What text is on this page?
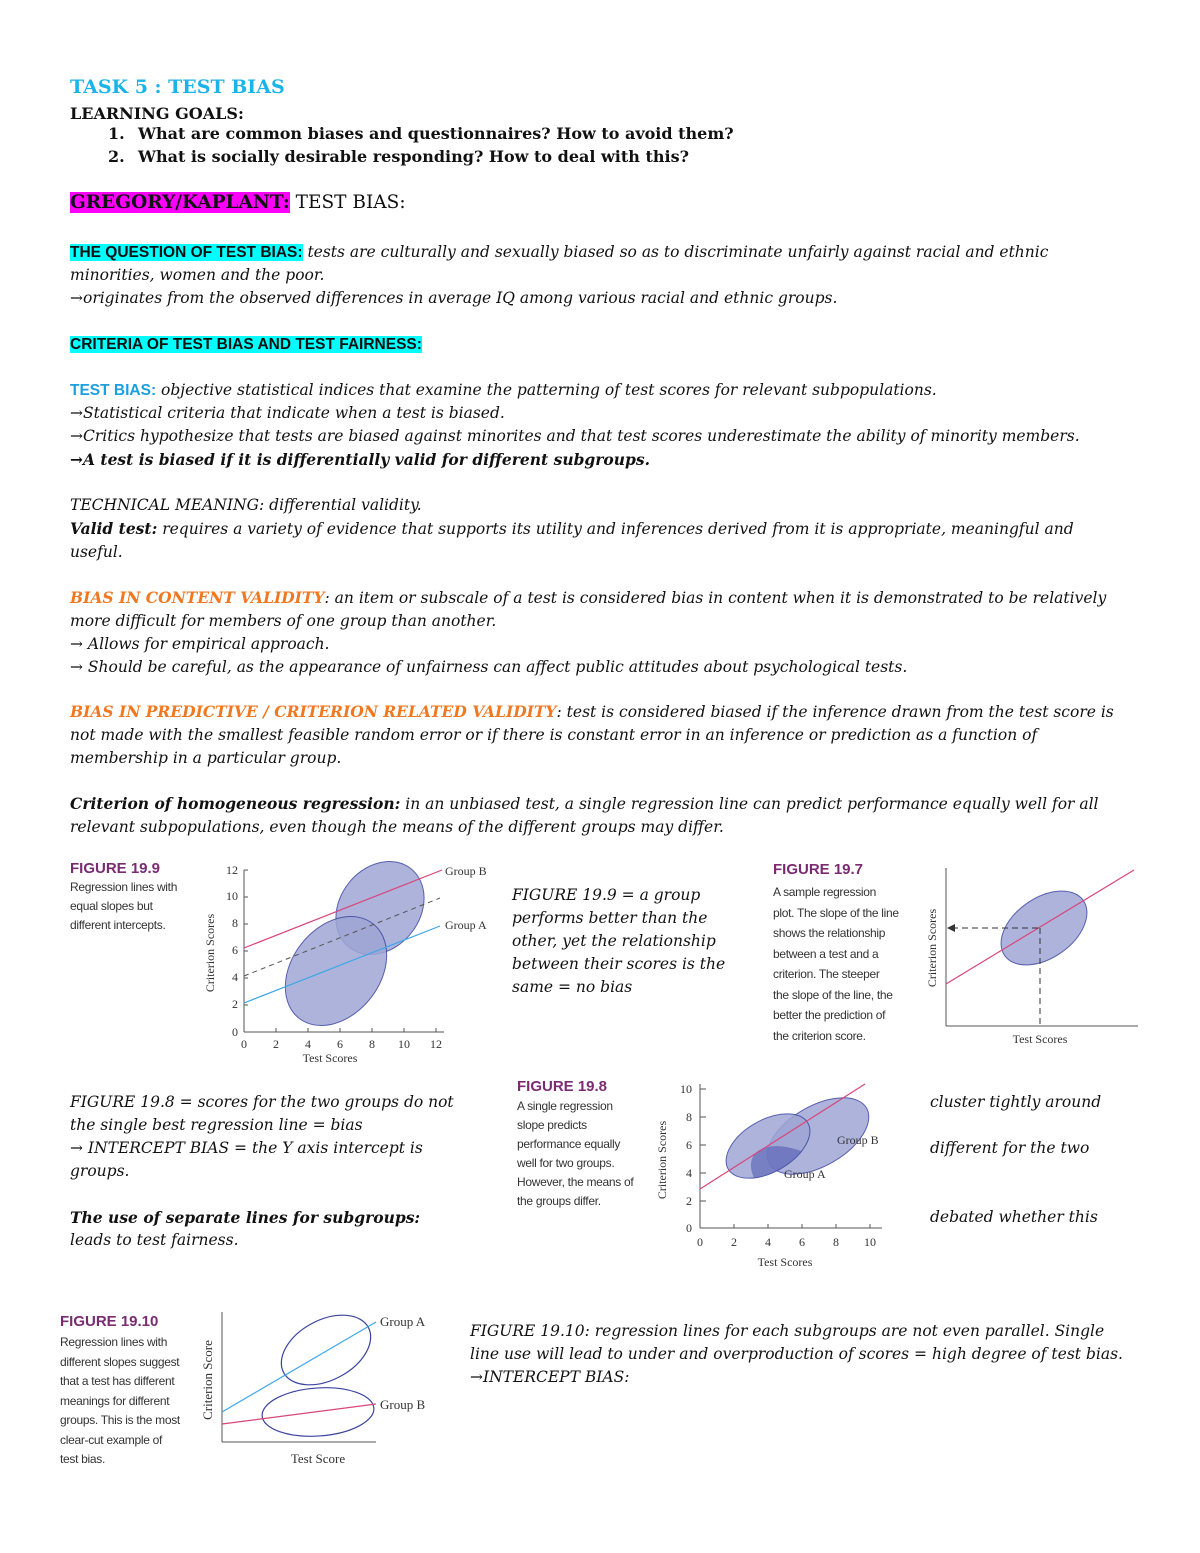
TASK 5 : TEST BIAS
LEARNING GOALS:
1. What are common biases and questionnaires? How to avoid them?
2. What is socially desirable responding? How to deal with this?
GREGORY/KAPLANT: TEST BIAS:
THE QUESTION OF TEST BIAS: tests are culturally and sexually biased so as to discriminate unfairly against racial and ethnic minorities, women and the poor.
→originates from the observed differences in average IQ among various racial and ethnic groups.
CRITERIA OF TEST BIAS AND TEST FAIRNESS:
TEST BIAS: objective statistical indices that examine the patterning of test scores for relevant subpopulations.
→Statistical criteria that indicate when a test is biased.
→Critics hypothesize that tests are biased against minorites and that test scores underestimate the ability of minority members.
→A test is biased if it is differentially valid for different subgroups.
TECHNICAL MEANING: differential validity.
Valid test: requires a variety of evidence that supports its utility and inferences derived from it is appropriate, meaningful and useful.
BIAS IN CONTENT VALIDITY: an item or subscale of a test is considered bias in content when it is demonstrated to be relatively more difficult for members of one group than another.
→ Allows for empirical approach.
→ Should be careful, as the appearance of unfairness can affect public attitudes about psychological tests.
BIAS IN PREDICTIVE / CRITERION RELATED VALIDITY: test is considered biased if the inference drawn from the test score is not made with the smallest feasible random error or if there is constant error in an inference or prediction as a function of membership in a particular group.
Criterion of homogeneous regression: in an unbiased test, a single regression line can predict performance equally well for all relevant subpopulations, even though the means of the different groups may differ.
FIGURE 19.9
Regression lines with
equal slopes but
different intercepts.
0
2
4
6
8
10
12
0 2 4 6 8 10 12
Test Scores
Criterion Scores
Group B
Group A
FIGURE 19.9 = a group
performs better than the
other, yet the relationship
between their scores is the
same = no bias
FIGURE 19.7
A sample regression
plot. The slope of the line
shows the relationship
between a test and a
criterion. The steeper
the slope of the line, the
better the prediction of
the criterion score.	Test Scores
Criterion Scores
FIGURE 19.8 = scores for the two groups do not
the single best regression line = bias
→ INTERCEPT BIAS = the Y axis intercept is
groups.
The use of separate lines for subgroups:
leads to test fairness.
FIGURE 19.8
A single regression
slope predicts
performance equally
well for two groups.
However, the means of
the groups differ.
0
2
4
6
8
10
0 2 4 6 8 10
Test Scores
Criterion Scores	Group B
Group A
cluster tightly around
different for the two
debated whether this
FIGURE 19.10
Regression lines with
different slopes suggest
that a test has different
meanings for different
groups. This is the most
clear-cut example of
test bias.
Group A
Group B
Test Score
Criterion Score
FIGURE 19.10: regression lines for each subgroups are not even parallel. Single
line use will lead to under and overproduction of scores = high degree of test bias.
→INTERCEPT BIAS:
